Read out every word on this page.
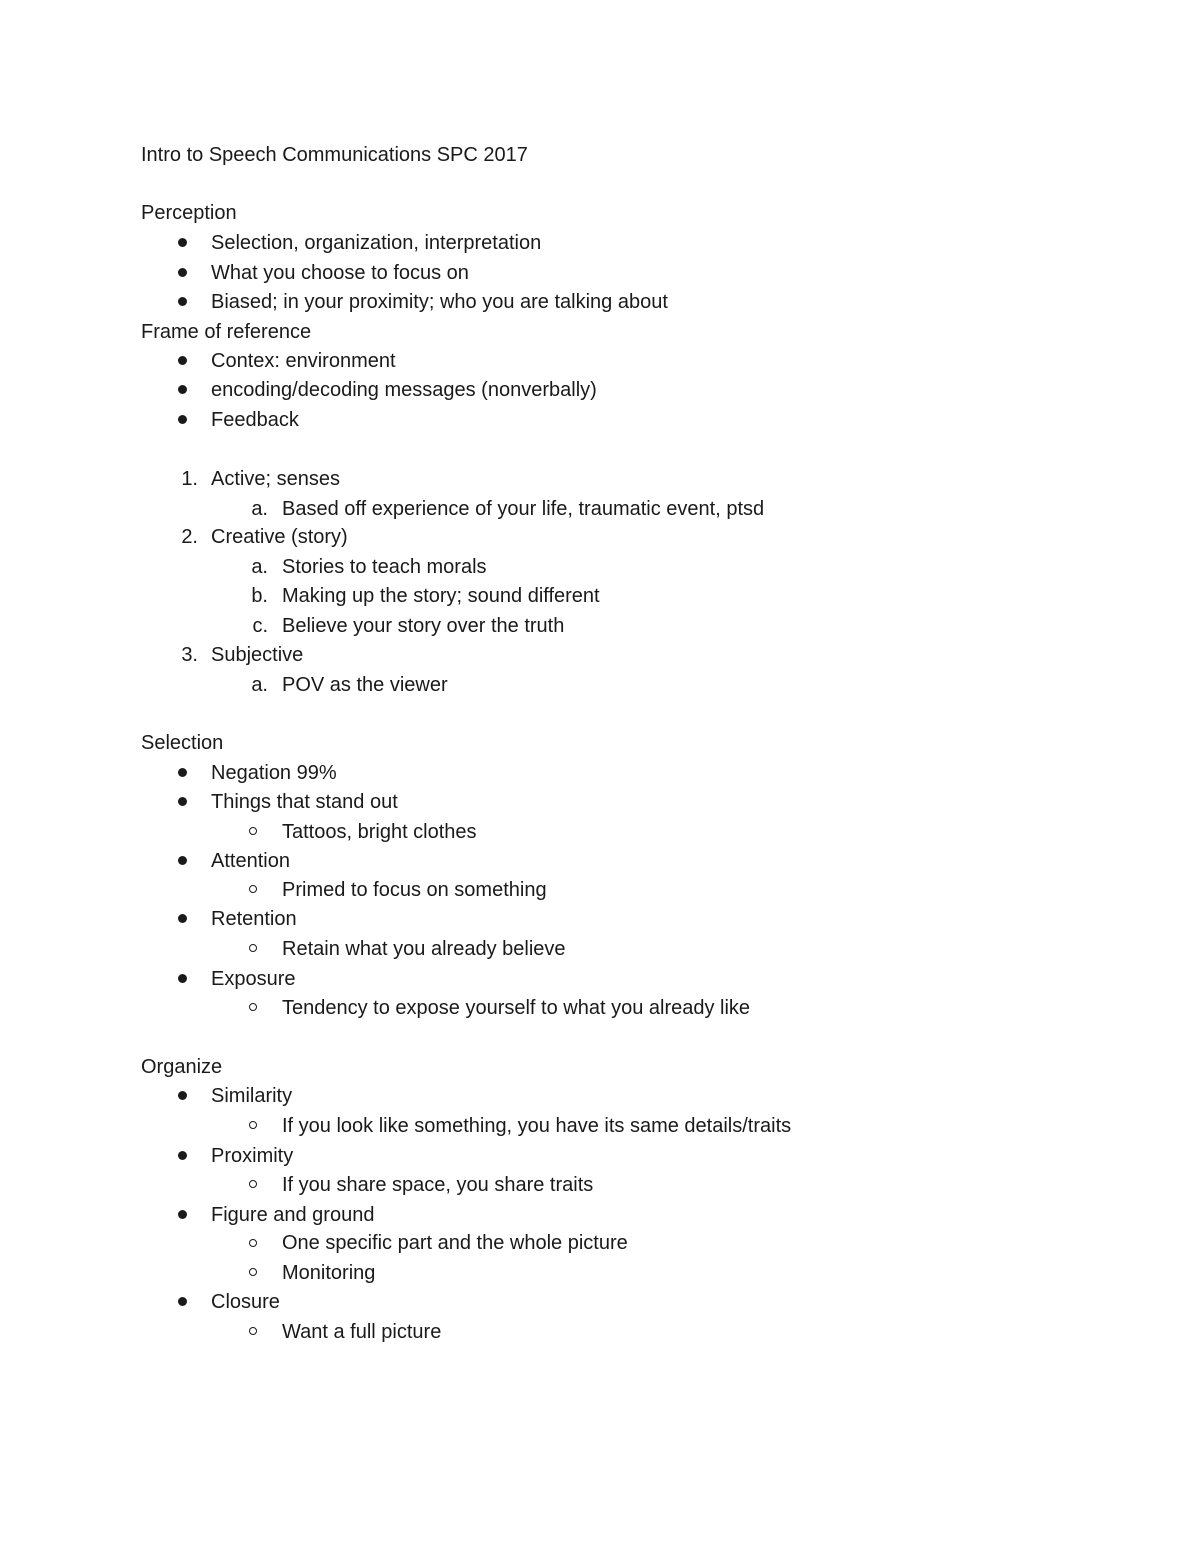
Intro to Speech Communications SPC 2017
Perception
Selection, organization, interpretation
What you choose to focus on
Biased; in your proximity; who you are talking about
Frame of reference
Contex: environment
encoding/decoding messages (nonverbally)
Feedback
1. Active; senses
a. Based off experience of your life, traumatic event, ptsd
2. Creative (story)
a. Stories to teach morals
b. Making up the story; sound different
c. Believe your story over the truth
3. Subjective
a. POV as the viewer
Selection
Negation 99%
Things that stand out
Tattoos, bright clothes
Attention
Primed to focus on something
Retention
Retain what you already believe
Exposure
Tendency to expose yourself to what you already like
Organize
Similarity
If you look like something, you have its same details/traits
Proximity
If you share space, you share traits
Figure and ground
One specific part and the whole picture
Monitoring
Closure
Want a full picture
